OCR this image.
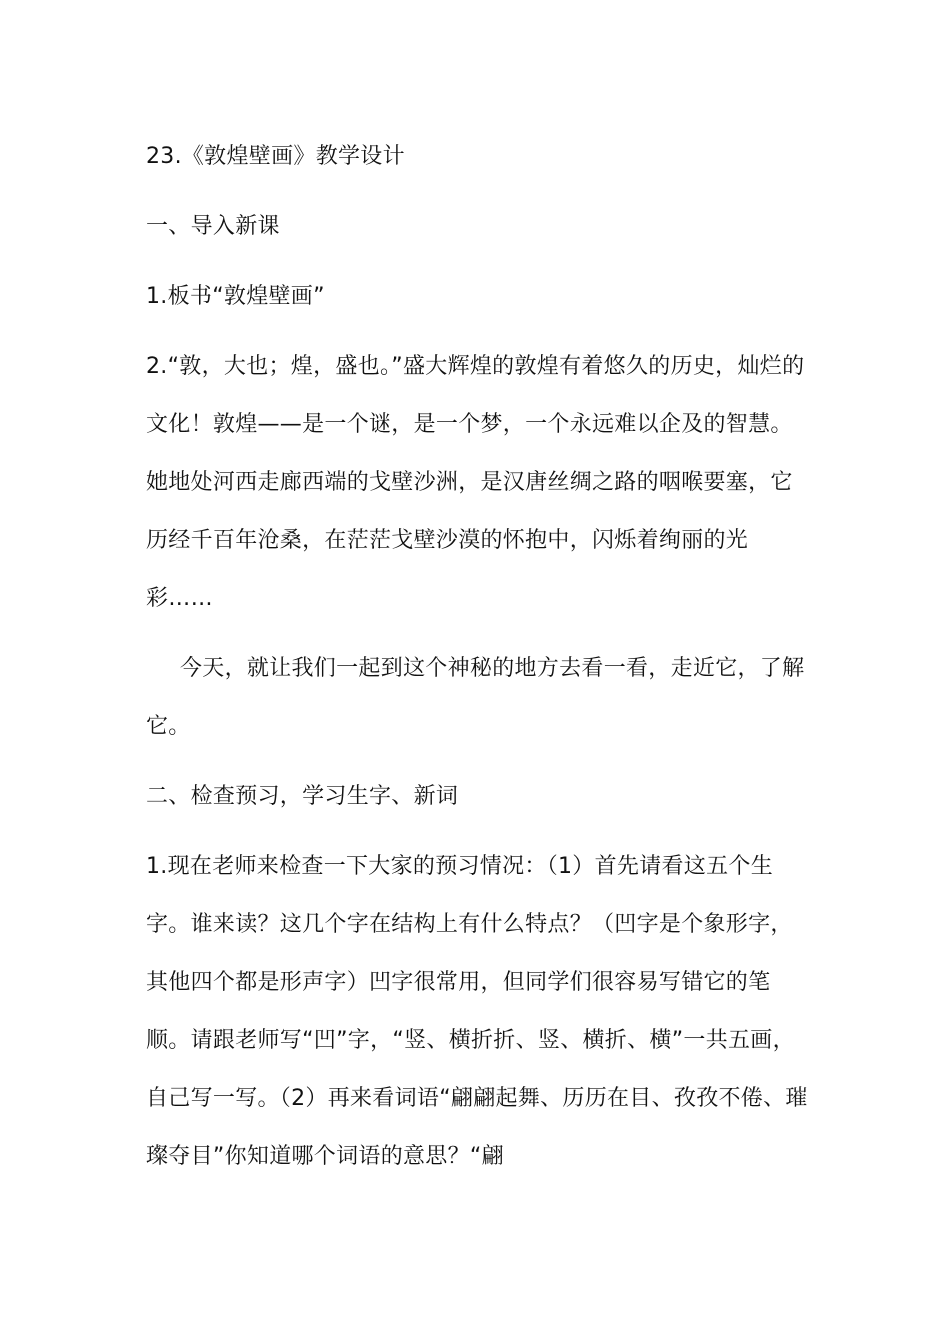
23.《敦煌壁画》教学设计

一、导入新课

1.板书“敦煌壁画”

2.“敦，大也；煌，盛也。”盛大辉煌的敦煌有着悠久的历史，灿烂的文化！敦煌——是一个谜，是一个梦，一个永远难以企及的智慧。她地处河西走廊西端的戈壁沙洲，是汉唐丝绸之路的咽喉要塞，它历经千百年沧桑，在茫茫戈壁沙漠的怀抱中，闪烁着绚丽的光彩……

今天，就让我们一起到这个神秘的地方去看一看，走近它，了解它。

二、检查预习，学习生字、新词

1.现在老师来检查一下大家的预习情况：（1）首先请看这五个生字。谁来读？这几个字在结构上有什么特点？（凹字是个象形字，其他四个都是形声字）凹字很常用，但同学们很容易写错它的笔顺。请跟老师写“凹”字，“竖、横折折、竖、横折、横”一共五画，自己写一写。（2）再来看词语“翩翩起舞、历历在目、孜孜不倦、璀璨夺目”你知道哪个词语的意思？“翩
